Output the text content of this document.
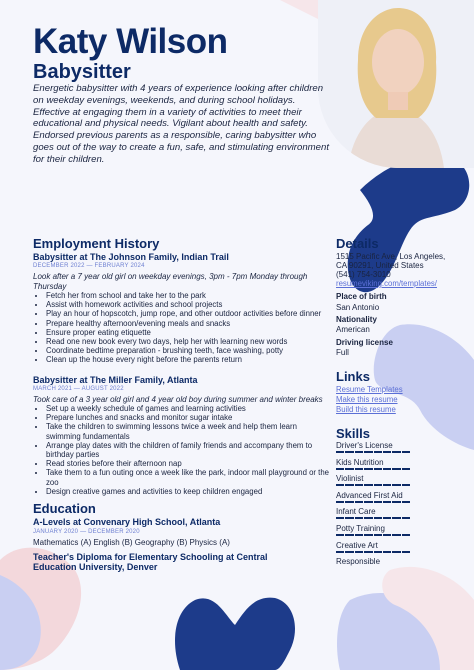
Katy Wilson
Babysitter
Energetic babysitter with 4 years of experience looking after children on weekday evenings, weekends, and during school holidays. Effective at engaging them in a variety of activities to meet their educational and physical needs. Vigilant about health and safety. Endorsed previous parents as a responsible, caring babysitter who goes out of the way to create a fun, safe, and stimulating environment for their children.
Employment History
Babysitter at The Johnson Family, Indian Trail
DECEMBER 2022 — FEBRUARY 2024
Look after a 7 year old girl on weekday evenings, 3pm - 7pm Monday through Thursday
• Fetch her from school and take her to the park
• Assist with homework activities and school projects
• Play an hour of hopscotch, jump rope, and other outdoor activities before dinner
• Prepare healthy afternoon/evening meals and snacks
• Ensure proper eating etiquette
• Read one new book every two days, help her with learning new words
• Coordinate bedtime preparation - brushing teeth, face washing, potty
• Clean up the house every night before the parents return
Babysitter at The Miller Family, Atlanta
MARCH 2021 — AUGUST 2022
Took care of a 3 year old girl and 4 year old boy during summer and winter breaks
• Set up a weekly schedule of games and learning activities
• Prepare lunches and snacks and monitor sugar intake
• Take the children to swimming lessons twice a week and help them learn swimming fundamentals
• Arrange play dates with the children of family friends and accompany them to birthday parties
• Read stories before their afternoon nap
• Take them to a fun outing once a week like the park, indoor mall playground or the zoo
• Design creative games and activities to keep children engaged
Education
A-Levels at Convenary High School, Atlanta
JANUARY 2020 — DECEMBER 2020
Mathematics (A) English (B) Geography (B) Physics (A)
Teacher's Diploma for Elementary Schooling at Central Education University, Denver
Details
1515 Pacific Ave, Los Angeles, CA 90291, United States
(541) 754-3010
resumeviking.com/templates/
Place of birth
San Antonio
Nationality
American
Driving license
Full
Links
Resume Templates
Make this resume
Build this resume
Skills
Driver's License
Kids Nutrition
Violinist
Advanced First Aid
Infant Care
Potty Training
Creative Art
Responsible
